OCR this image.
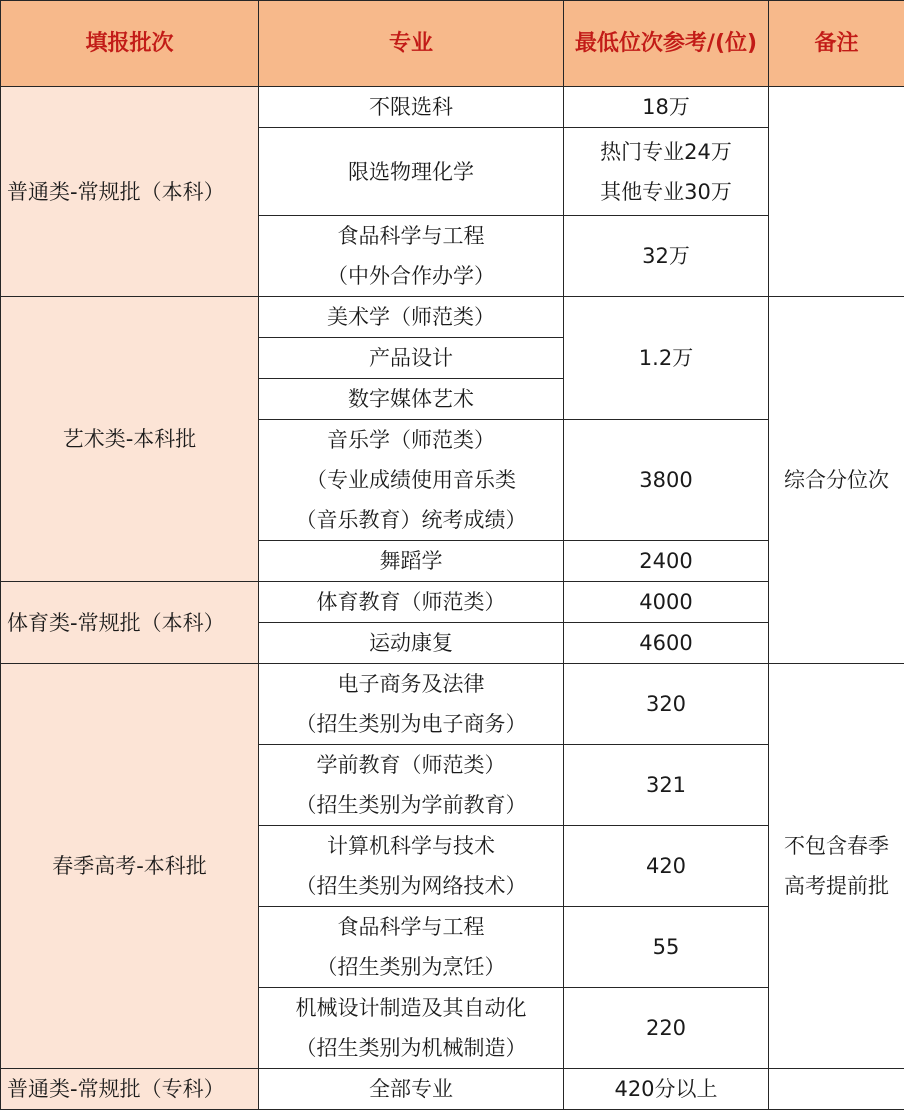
填报批次	专业	最低位次参考/(位)	备注
普通类-常规批（本科）	不限选科	18万	

	限选物理化学	热门专业24万
其他专业30万	

	食品科学与工程
（中外合作办学）	32万	

艺术类-本科批	美术学（师范类）	1.2万	综合分位次

	产品设计		

	数字媒体艺术		

	音乐学（师范类）
（专业成绩使用音乐类
（音乐教育）统考成绩）	3800	

	舞蹈学	2400	

体育类-常规批（本科）	体育教育（师范类）	4000	

	运动康复	4600	

春季高考-本科批	电子商务及法律
（招生类别为电子商务）	320	不包含春季
高考提前批

	学前教育（师范类）
（招生类别为学前教育）	321	

	计算机科学与技术
（招生类别为网络技术）	420	

	食品科学与工程
（招生类别为烹饪）	55	

	机械设计制造及其自动化
（招生类别为机械制造）	220	

普通类-常规批（专科）	全部专业	420分以上	
